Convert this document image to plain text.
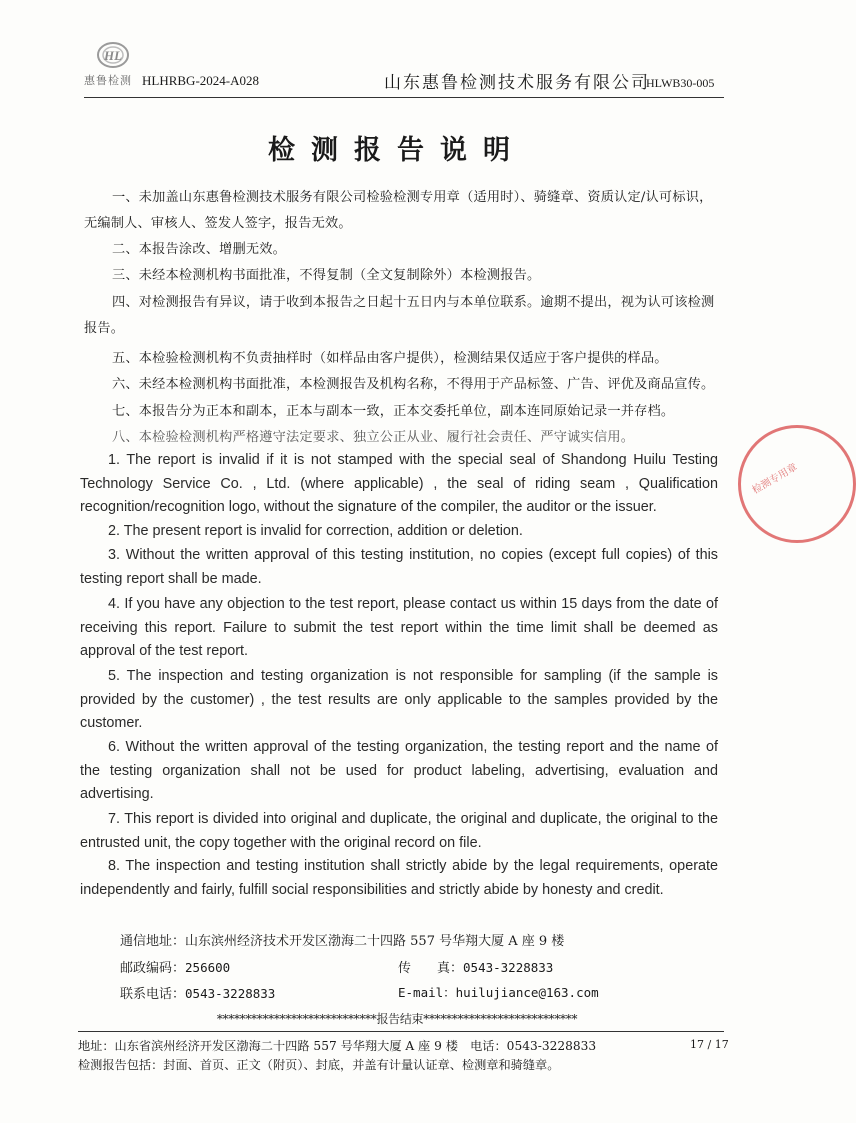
HL
惠鲁检测 HLHRBG-2024-A028	山东惠鲁检测技术服务有限公司
HLWB30-005
检测报告说明
一、未加盖山东惠鲁检测技术服务有限公司检验检测专用章（适用时）、骑缝章、资质认定/认可标识，无编制人、审核人、签发人签字，报告无效。
二、本报告涂改、增删无效。
三、未经本检测机构书面批准，不得复制（全文复制除外）本检测报告。
四、对检测报告有异议，请于收到本报告之日起十五日内与本单位联系。逾期不提出，视为认可该检测报告。
五、本检验检测机构不负责抽样时（如样品由客户提供），检测结果仅适应于客户提供的样品。
六、未经本检测机构书面批准，本检测报告及机构名称，不得用于产品标签、广告、评优及商品宣传。
七、本报告分为正本和副本，正本与副本一致，正本交委托单位，副本连同原始记录一并存档。
八、本检验检测机构严格遵守法定要求、独立公正从业、履行社会责任、严守诚实信用。
1. The report is invalid if it is not stamped with the special seal of Shandong Huilu Testing Technology Service Co. , Ltd. (where applicable) , the seal of riding seam , Qualification recognition/recognition logo, without the signature of the compiler, the auditor or the issuer.
2. The present report is invalid for correction, addition or deletion.
3. Without the written approval of this testing institution, no copies (except full copies) of this testing report shall be made.
4. If you have any objection to the test report, please contact us within 15 days from the date of receiving this report. Failure to submit the test report within the time limit shall be deemed as approval of the test report.
5. The inspection and testing organization is not responsible for sampling (if the sample is provided by the customer) , the test results are only applicable to the samples provided by the customer.
6. Without the written approval of the testing organization, the testing report and the name of the testing organization shall not be used for product labeling, advertising, evaluation and advertising.
7. This report is divided into original and duplicate, the original and duplicate, the original to the entrusted unit, the copy together with the original record on file.
8. The inspection and testing institution shall strictly abide by the legal requirements, operate independently and fairly, fulfill social responsibilities and strictly abide by honesty and credit.
通信地址：山东滨州经济技术开发区渤海二十四路 557 号华翔大厦 A 座 9 楼
邮政编码：256600	传　　真：0543-3228833
联系电话：0543-3228833	E-mail：huilujiance@163.com
****************************报告结束***************************
地址：山东省滨州经济开发区渤海二十四路 557 号华翔大厦 A 座 9 楼　电话：0543-3228833	17 / 17
检测报告包括：封面、首页、正文（附页）、封底，并盖有计量认证章、检测章和骑缝章。
检测专用章
